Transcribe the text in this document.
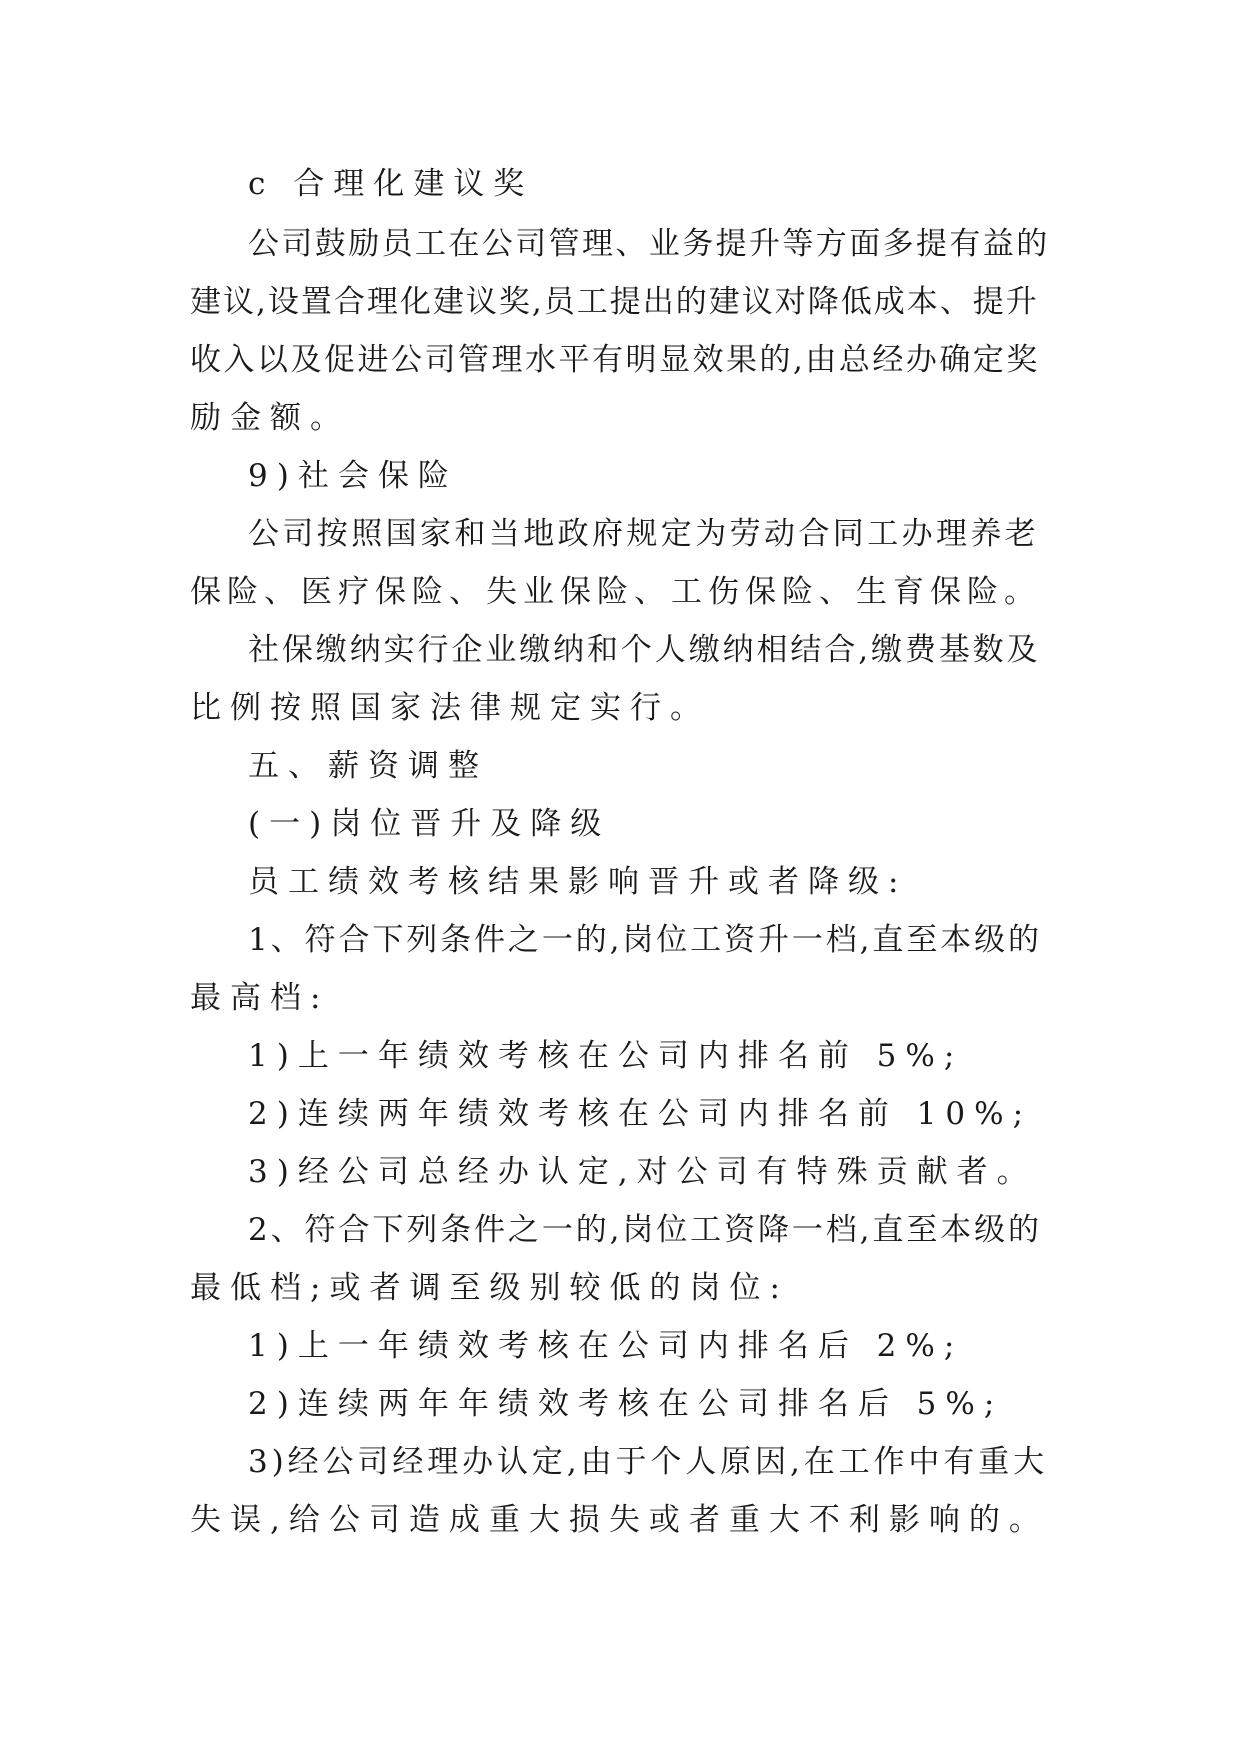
c 合理化建议奖
公司鼓励员工在公司管理、业务提升等方面多提有益的
建议,设置合理化建议奖,员工提出的建议对降低成本、提升
收入以及促进公司管理水平有明显效果的,由总经办确定奖
励金额。
9)社会保险
公司按照国家和当地政府规定为劳动合同工办理养老
保险、医疗保险、失业保险、工伤保险、生育保险。
社保缴纳实行企业缴纳和个人缴纳相结合,缴费基数及
比例按照国家法律规定实行。
五、薪资调整
(一)岗位晋升及降级
员工绩效考核结果影响晋升或者降级:
1、符合下列条件之一的,岗位工资升一档,直至本级的
最高档:
1)上一年绩效考核在公司内排名前 5%;
2)连续两年绩效考核在公司内排名前 10%;
3)经公司总经办认定,对公司有特殊贡献者。
2、符合下列条件之一的,岗位工资降一档,直至本级的
最低档;或者调至级别较低的岗位:
1)上一年绩效考核在公司内排名后 2%;
2)连续两年年绩效考核在公司排名后 5%;
3)经公司经理办认定,由于个人原因,在工作中有重大
失误,给公司造成重大损失或者重大不利影响的。
